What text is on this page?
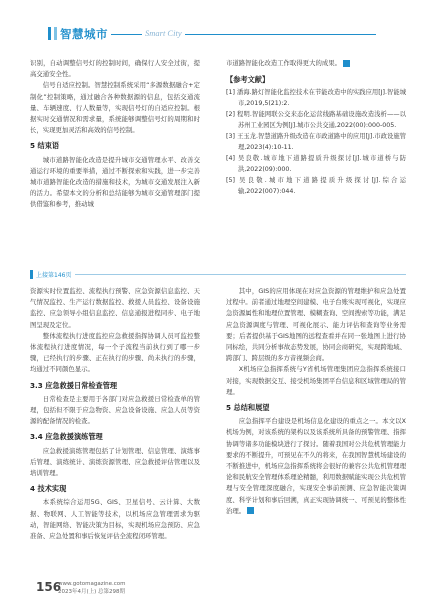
智慧城市	Smart City

识别，自动调整信号灯的控制时间，确保行人安全过街，提高交通安全性。

信号自适应控制。智慧控制系统采用“多源数据融合+定制化”控制策略，通过融合各种数据源的信息，包括交通流量、车辆速度、行人数量等，实现信号灯的自适应控制。根据实时交通情况和需求量，系统能够调整信号灯的周期和时长，实现更加灵活和高效的信号控制。

5 结束语

城市道路智能化改造是提升城市交通管理水平、改善交通运行环境的重要举措，通过不断探索和实践，进一步完善城市道路智能化改造的措施和技术，为城市交通发展注入新的活力。希望本文的分析和总结能够为城市交通管理部门提供借鉴和参考，推动城

市道路智能化改造工作取得更大的成果。

【参考文献】
[1] 潘海.路灯智能化监控技术在节能改造中的实践应用[J].智能城市,2019,5(21):2.
[2] 程明.智能网联公交来态化运营线路基础设施改造浅析——以苏州工业园区为例[J].城市公共交通,2022(00):000-005.
[3] 王玉龙.智慧道路升级改造在市政道路中的应用[J].市政设施管理,2023(4):10-11.
[4] 吴良敬.城市地下道路提质升级探讨[J].城市道桥与防洪,2022(09):000.
[5] 吴良敬.城市地下道路提质升级探讨[J].综合运输,2022(007):044.
上接第146页

资源实时位置监控、流程执行预警、应急资源信息监控、天气情况监控、生产运行数据监控、救援人员监控、设备设施监控、应急领导小组信息监控、信息通报进程同步、电子地图呈现及定位。

整体流程执行进度监控应急救援指挥协调人员可监控整体流程执行进度情况，每一个子流程当前执行到了哪一步骤，已经执行的步骤、正在执行的步骤、尚未执行的步骤，均通过不同颜色显示。

3.3 应急救援日常检查管理

日常检查是主要用于各部门对应急救援日常检查单的管理，包括但不限于应急物资、应急设备设施、应急人员等资源的配备情况的检查。

3.4 应急救援演练管理

应急救援演练管理包括了计划管理、信息管理、演练事后管理、演练统计、演练资源管理、应急救援评估管理以及培训管理。

4 技术实现

本系统综合运用5G、GIS、卫星信号、云计算、大数据、物联网、人工智能等技术，以机场应急管理需求为驱动，智能网络、智能决策为目标，实现机场应急预防、应急准备、应急处置和事后恢复评估全流程闭环管理。

其中，GIS的应用体现在对应急资源的管理维护和应急处置过程中。前者通过地理空间建模、电子台账实现可视化，实现应急资源属性和地理位置管理、模糊查询、空间搜索等功能，满足应急资源调度与管理、可视化展示、能力评估和查询等业务需要；后者提供基于GIS地图的远程查看并在同一张地图上进行协同标绘，共同分析事故态势发展，协同会商研究，实现跨地域、跨部门、跨层级的多方音视频会商。

X机场应急指挥系统与Y省机场管理集团应急指挥系统接口对接，实现数据交互、接受机场集团平台信息和区域管理局的管理。

5 总结和展望

应急指挥平台建设是机场信息化建设的重点之一。本文以X机场为例，对该系统的架构以及该系统所具备的预警管理、指挥协调等诸多功能模块进行了探讨。随着我国对公共危机管理能力要求的不断提升，可预见在不久的将来，在我国智慧机场建设的不断推进中，机场应急指挥系统将会很好的兼容公共危机管理理论和民航安全管理体系理论精髓，利用数据赋能实现公共危机管理与安全管理深度融合，实现安全事前预测、应急智能决策调度、科学计划和事后回溯，真正实现协调统一、可预见的整体性治理。

156
www.gotomagazine.com
2023年4月(上) 总第298期
